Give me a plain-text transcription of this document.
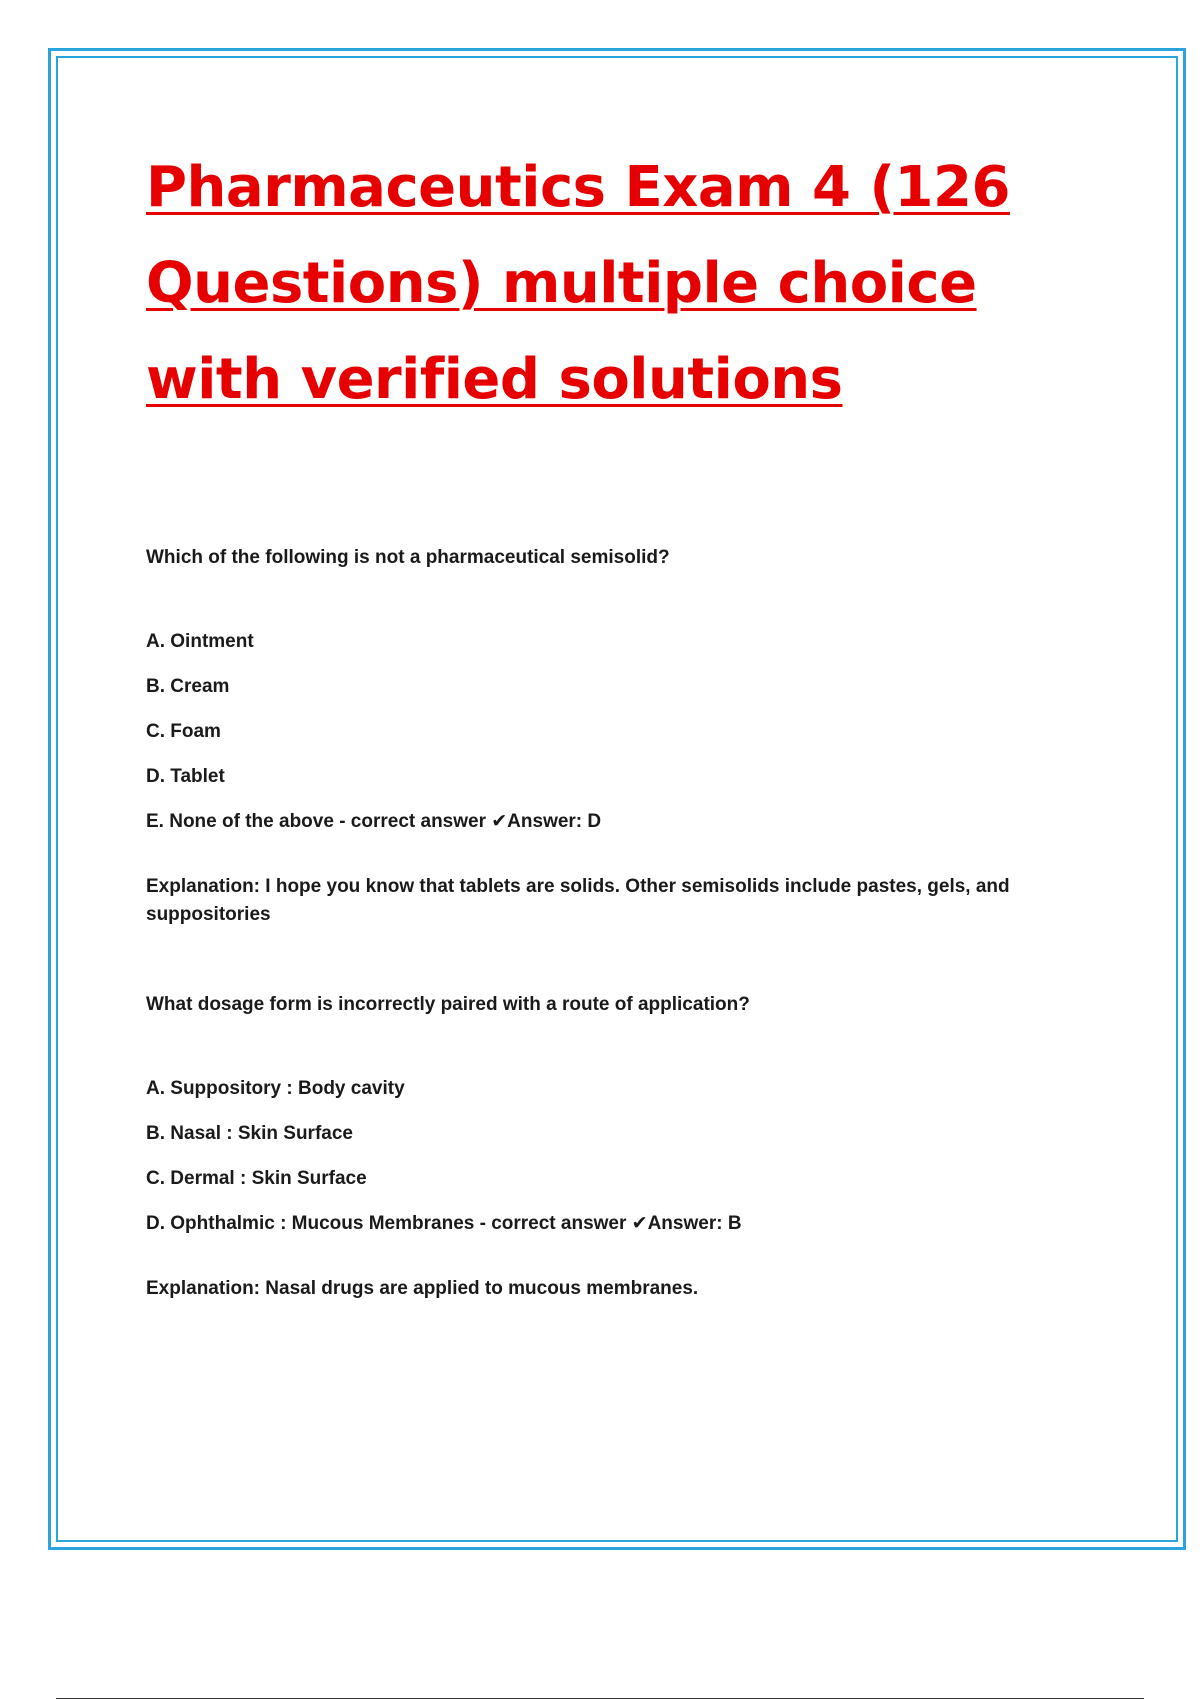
Pharmaceutics Exam 4 (126 Questions) multiple choice with verified solutions

Which of the following is not a pharmaceutical semisolid?

A. Ointment
B. Cream
C. Foam
D. Tablet
E. None of the above - correct answer ✔Answer: D

Explanation: I hope you know that tablets are solids. Other semisolids include pastes, gels, and suppositories

What dosage form is incorrectly paired with a route of application?

A. Suppository : Body cavity
B. Nasal : Skin Surface
C. Dermal : Skin Surface
D. Ophthalmic : Mucous Membranes - correct answer ✔Answer: B

Explanation: Nasal drugs are applied to mucous membranes.
